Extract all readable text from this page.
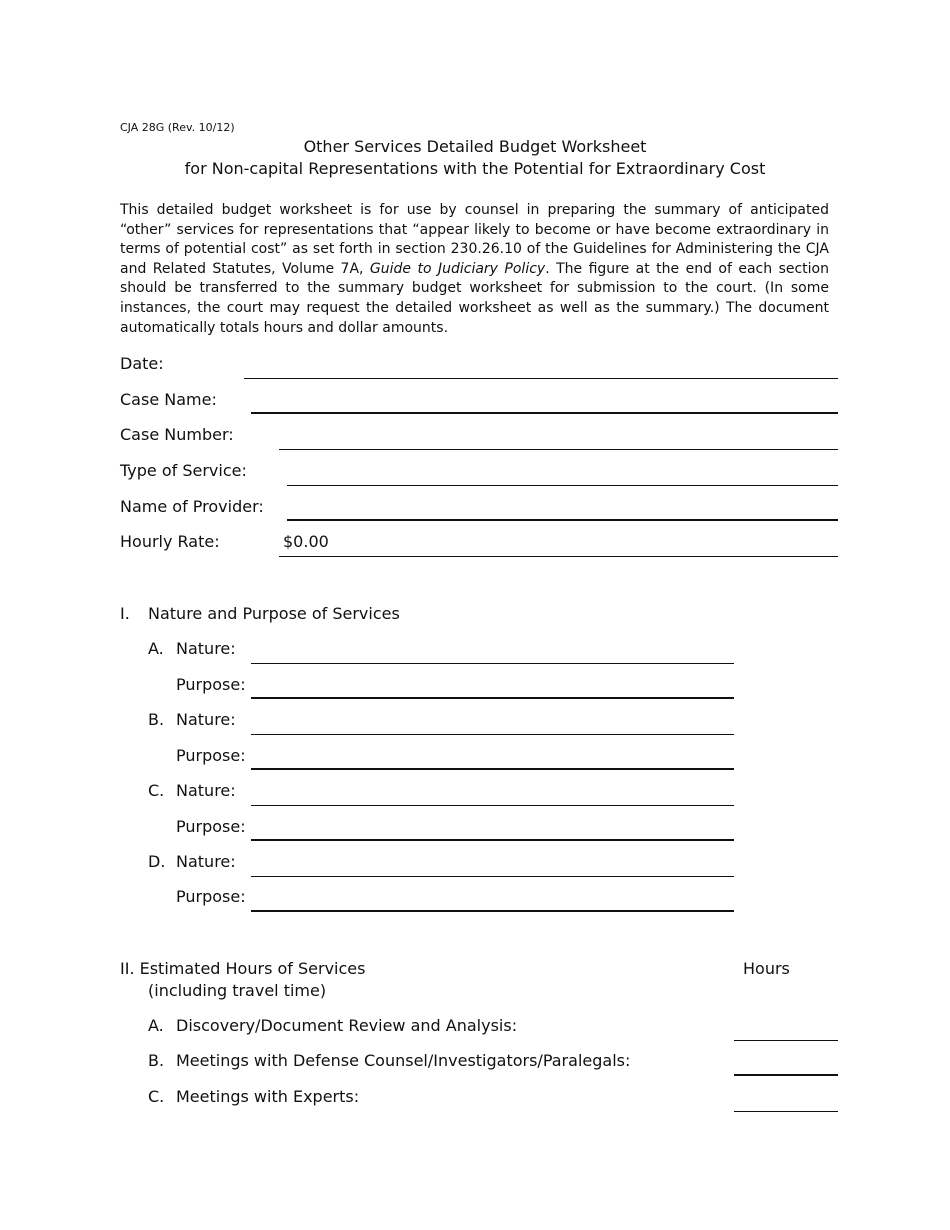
CJA 28G (Rev. 10/12)
Other Services Detailed Budget Worksheet
for Non-capital Representations with the Potential for Extraordinary Cost
This detailed budget worksheet is for use by counsel in preparing the summary of anticipated “other” services for representations that “appear likely to become or have become extraordinary in terms of potential cost” as set forth in section 230.26.10 of the Guidelines for Administering the CJA and Related Statutes, Volume 7A, Guide to Judiciary Policy. The figure at the end of each section should be transferred to the summary budget worksheet for submission to the court. (In some instances, the court may request the detailed worksheet as well as the summary.) The document automatically totals hours and dollar amounts.
Date:
Case Name:
Case Number:
Type of Service:
Name of Provider:
Hourly Rate:	$0.00
I. Nature and Purpose of Services
A. Nature:
Purpose:
B. Nature:
Purpose:
C. Nature:
Purpose:
D. Nature:
Purpose:
II. Estimated Hours of Services	Hours
(including travel time)
A. Discovery/Document Review and Analysis:
B. Meetings with Defense Counsel/Investigators/Paralegals:
C. Meetings with Experts:
